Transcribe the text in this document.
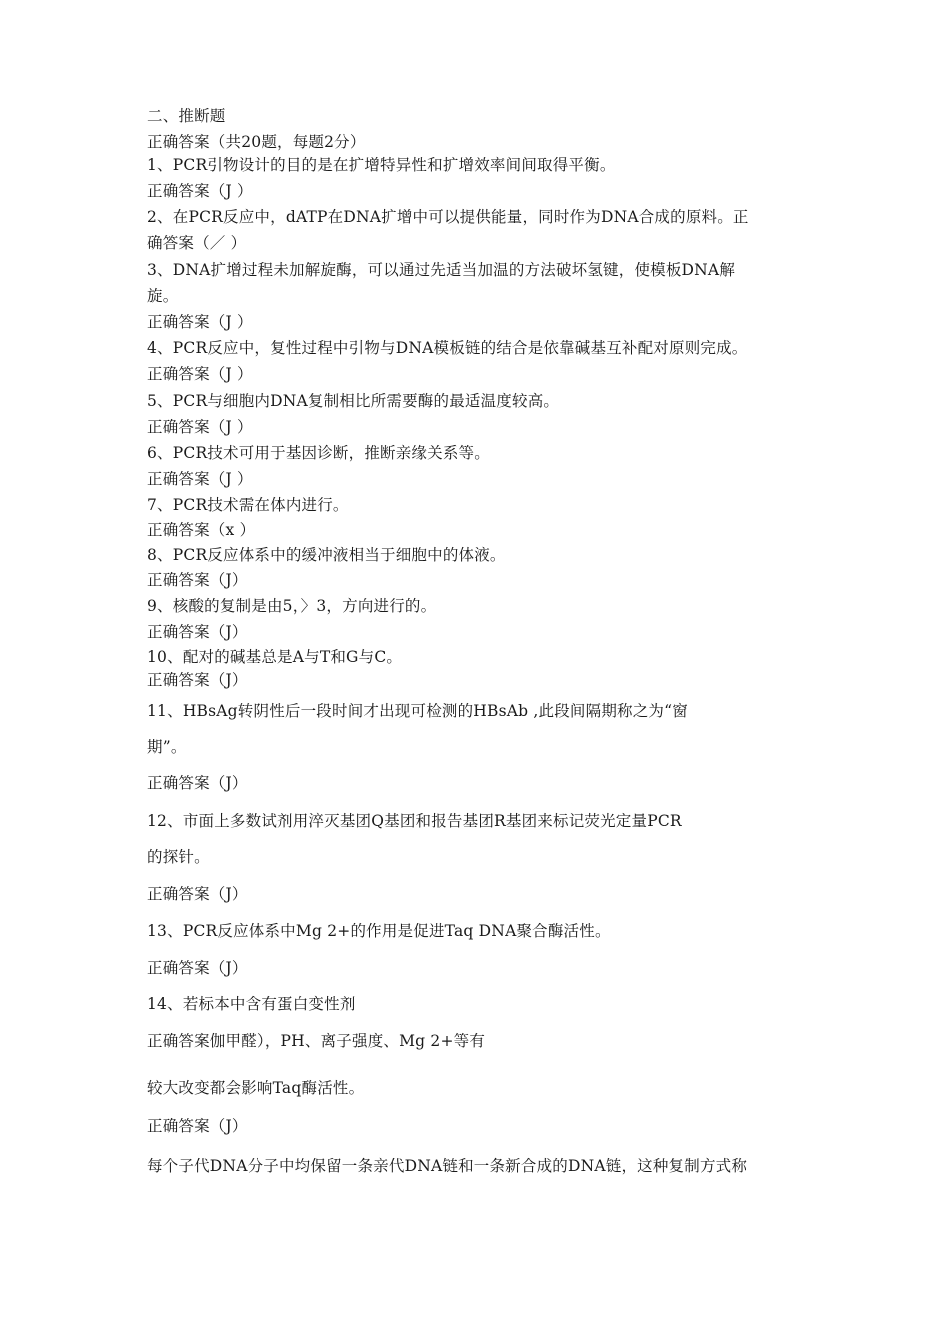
二、推断题
正确答案（共20题，每题2分）
1、PCR引物设计的目的是在扩增特异性和扩增效率间间取得平衡。
正确答案（J ）
2、在PCR反应中，dATP在DNA扩增中可以提供能量，同时作为DNA合成的原料。正
确答案（／ ）
3、DNA扩增过程未加解旋酶，可以通过先适当加温的方法破坏氢键，使模板DNA解
旋。
正确答案（J ）
4、PCR反应中，复性过程中引物与DNA模板链的结合是依靠碱基互补配对原则完成。
正确答案（J ）
5、PCR与细胞内DNA复制相比所需要酶的最适温度较高。
正确答案（J ）
6、PCR技术可用于基因诊断，推断亲缘关系等。
正确答案（J ）
7、PCR技术需在体内进行。
正确答案（x ）
8、PCR反应体系中的缓冲液相当于细胞中的体液。
正确答案（J）
9、核酸的复制是由5，〉3，方向进行的。
正确答案（J）
10、配对的碱基总是A与T和G与C。
正确答案（J）
11、HBsAg转阴性后一段时间才出现可检测的HBsAb ,此段间隔期称之为“窗
期”。
正确答案（J）
12、市面上多数试剂用淬灭基团Q基团和报告基团R基团来标记荧光定量PCR
的探针。
正确答案（J）
13、PCR反应体系中Mg 2+的作用是促进Taq DNA聚合酶活性。
正确答案（J）
14、若标本中含有蛋白变性剂
正确答案伽甲醛），PH、离子强度、Mg 2+等有
较大改变都会影响Taq酶活性。
正确答案（J）
每个子代DNA分子中均保留一条亲代DNA链和一条新合成的DNA链，这种复制方式称
